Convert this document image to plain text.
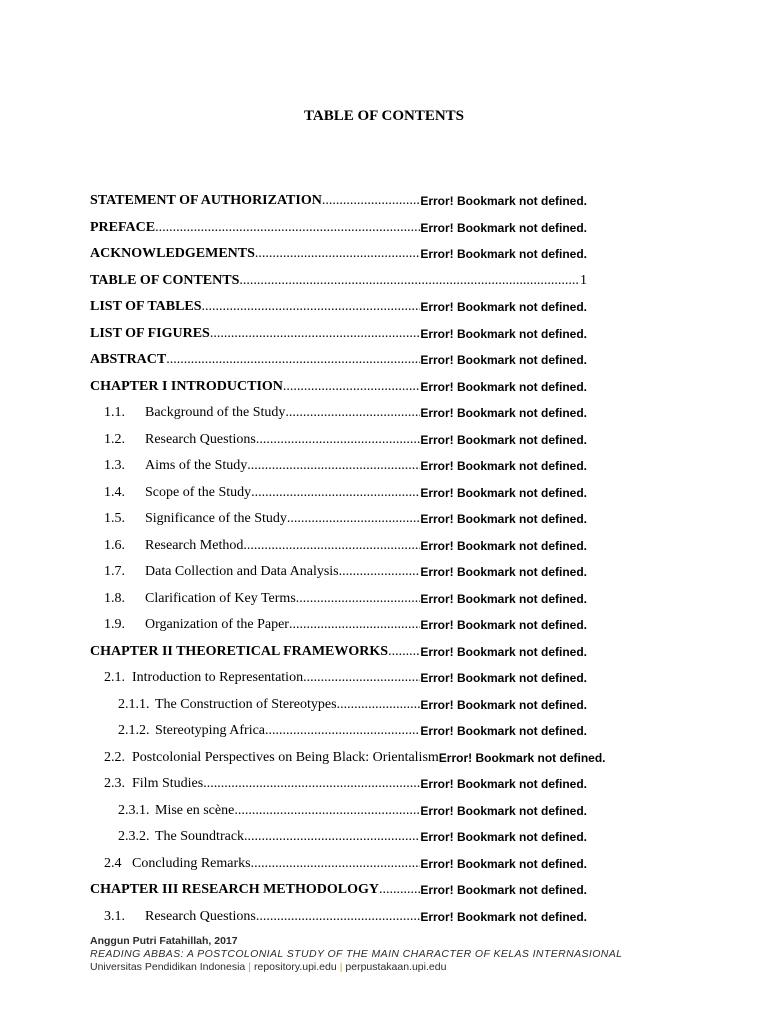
TABLE OF CONTENTS
STATEMENT OF AUTHORIZATION .....	Error! Bookmark not defined.
PREFACE .....	Error! Bookmark not defined.
ACKNOWLEDGEMENTS .....	Error! Bookmark not defined.
TABLE OF CONTENTS .....	1
LIST OF TABLES .....	Error! Bookmark not defined.
LIST OF FIGURES .....	Error! Bookmark not defined.
ABSTRACT .....	Error! Bookmark not defined.
CHAPTER I INTRODUCTION .....	Error! Bookmark not defined.
1.1.	Background of the Study .....	Error! Bookmark not defined.
1.2.	Research Questions .....	Error! Bookmark not defined.
1.3.	Aims of the Study .....	Error! Bookmark not defined.
1.4.	Scope of the Study .....	Error! Bookmark not defined.
1.5.	Significance of the Study .....	Error! Bookmark not defined.
1.6.	Research Method .....	Error! Bookmark not defined.
1.7.	Data Collection and Data Analysis .....	Error! Bookmark not defined.
1.8.	Clarification of Key Terms .....	Error! Bookmark not defined.
1.9.	Organization of the Paper .....	Error! Bookmark not defined.
CHAPTER II THEORETICAL FRAMEWORKS .....	Error! Bookmark not defined.
2.1. Introduction to Representation .....	Error! Bookmark not defined.
2.1.1. The Construction of Stereotypes .....	Error! Bookmark not defined.
2.1.2. Stereotyping Africa .....	Error! Bookmark not defined.
2.2. Postcolonial Perspectives on Being Black: Orientalism Error! Bookmark not defined.
2.3. Film Studies .....	Error! Bookmark not defined.
2.3.1. Mise en scène .....	Error! Bookmark not defined.
2.3.2. The Soundtrack .....	Error! Bookmark not defined.
2.4 Concluding Remarks .....	Error! Bookmark not defined.
CHAPTER III RESEARCH METHODOLOGY .....	Error! Bookmark not defined.
3.1.	Research Questions .....	Error! Bookmark not defined.
Anggun Putri Fatahillah, 2017
READING ABBAS: A POSTCOLONIAL STUDY OF THE MAIN CHARACTER OF KELAS INTERNASIONAL
Universitas Pendidikan Indonesia | repository.upi.edu | perpustakaan.upi.edu
